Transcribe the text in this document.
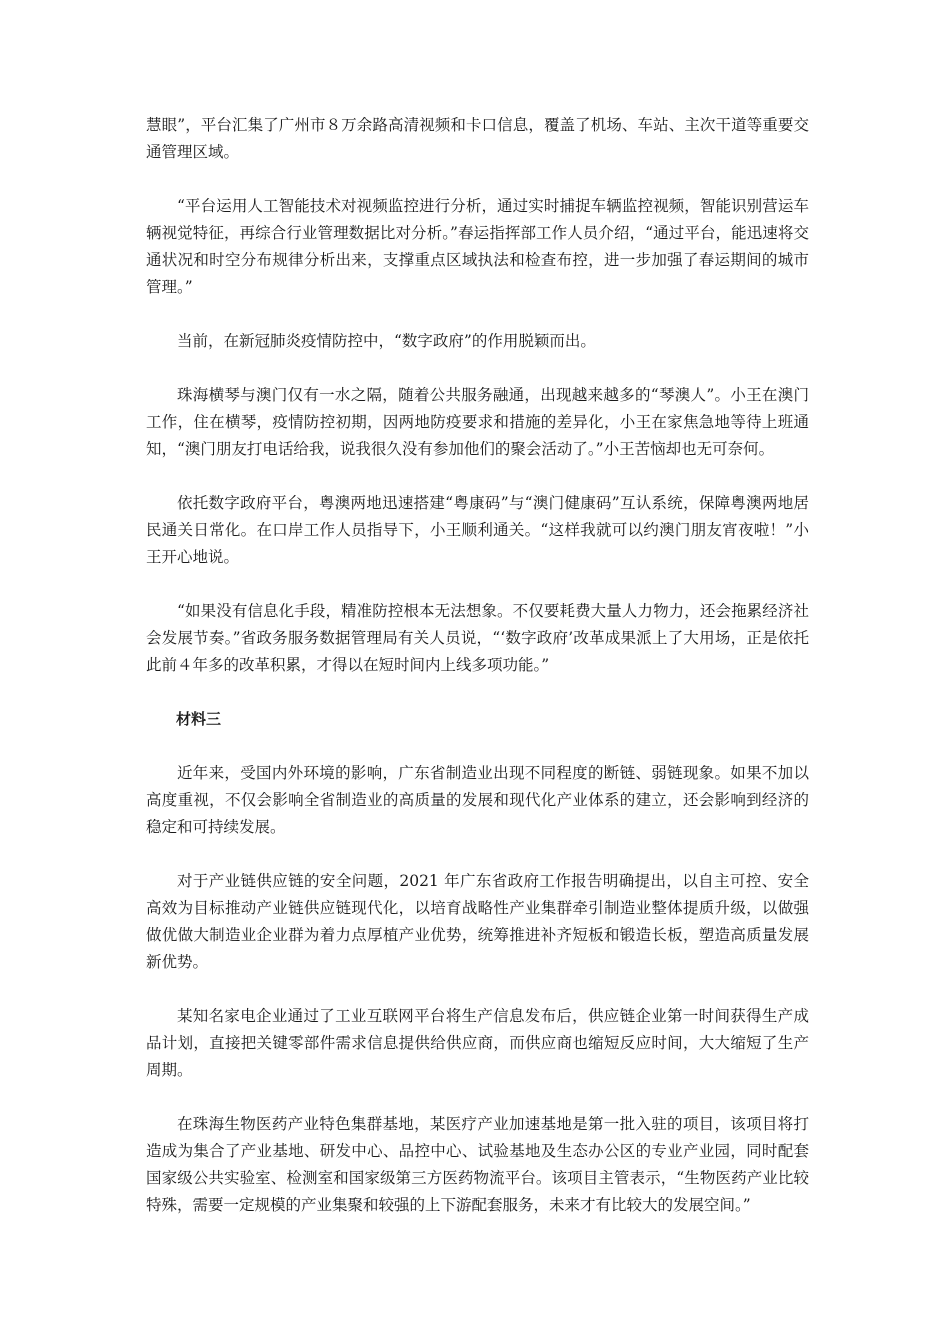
慧眼”，平台汇集了广州市８万余路高清视频和卡口信息，覆盖了机场、车站、主次干道等重要交通管理区域。

“平台运用人工智能技术对视频监控进行分析，通过实时捕捉车辆监控视频，智能识别营运车辆视觉特征，再综合行业管理数据比对分析。”春运指挥部工作人员介绍，“通过平台，能迅速将交通状况和时空分布规律分析出来，支撑重点区域执法和检查布控，进一步加强了春运期间的城市管理。”

当前，在新冠肺炎疫情防控中，“数字政府”的作用脱颖而出。

珠海横琴与澳门仅有一水之隔，随着公共服务融通，出现越来越多的“琴澳人”。小王在澳门工作，住在横琴，疫情防控初期，因两地防疫要求和措施的差异化，小王在家焦急地等待上班通知，“澳门朋友打电话给我，说我很久没有参加他们的聚会活动了。”小王苦恼却也无可奈何。

依托数字政府平台，粤澳两地迅速搭建“粤康码”与“澳门健康码”互认系统，保障粤澳两地居民通关日常化。在口岸工作人员指导下，小王顺利通关。“这样我就可以约澳门朋友宵夜啦！”小王开心地说。

“如果没有信息化手段，精准防控根本无法想象。不仅要耗费大量人力物力，还会拖累经济社会发展节奏。”省政务服务数据管理局有关人员说，“‘数字政府’改革成果派上了大用场，正是依托此前４年多的改革积累，才得以在短时间内上线多项功能。”

材料三

近年来，受国内外环境的影响，广东省制造业出现不同程度的断链、弱链现象。如果不加以高度重视，不仅会影响全省制造业的高质量的发展和现代化产业体系的建立，还会影响到经济的稳定和可持续发展。

对于产业链供应链的安全问题，2021 年广东省政府工作报告明确提出，以自主可控、安全高效为目标推动产业链供应链现代化，以培育战略性产业集群牵引制造业整体提质升级，以做强做优做大制造业企业群为着力点厚植产业优势，统筹推进补齐短板和锻造长板，塑造高质量发展新优势。

某知名家电企业通过了工业互联网平台将生产信息发布后，供应链企业第一时间获得生产成品计划，直接把关键零部件需求信息提供给供应商，而供应商也缩短反应时间，大大缩短了生产周期。

在珠海生物医药产业特色集群基地，某医疗产业加速基地是第一批入驻的项目，该项目将打造成为集合了产业基地、研发中心、品控中心、试验基地及生态办公区的专业产业园，同时配套国家级公共实验室、检测室和国家级第三方医药物流平台。该项目主管表示，“生物医药产业比较特殊，需要一定规模的产业集聚和较强的上下游配套服务，未来才有比较大的发展空间。”
